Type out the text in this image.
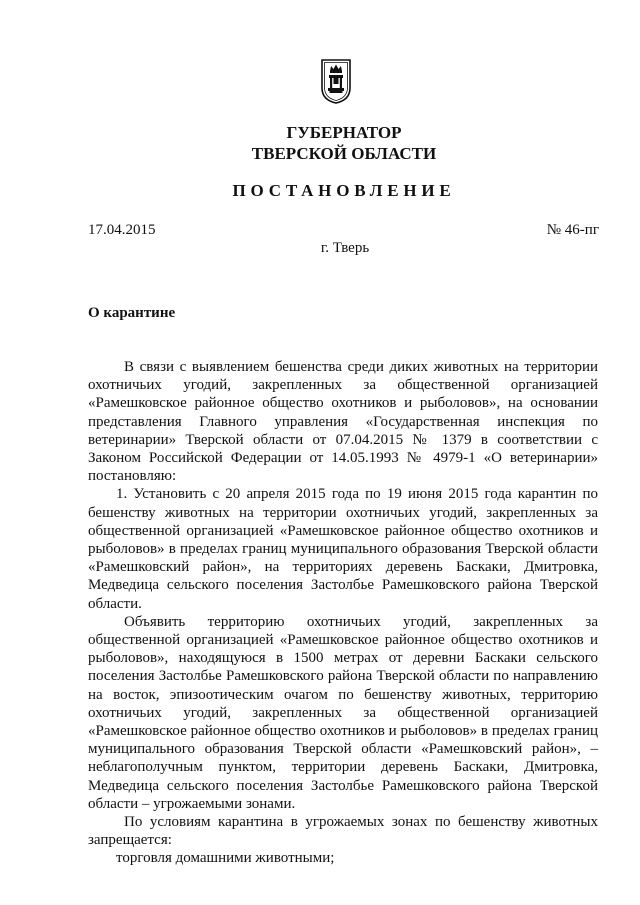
ГУБЕРНАТОР
ТВЕРСКОЙ ОБЛАСТИ
ПОСТАНОВЛЕНИЕ
17.04.2015	№ 46-пг
г. Тверь
О карантине

В связи с выявлением бешенства среди диких животных на территории охотничьих угодий, закрепленных за общественной организацией «Рамешковское районное общество охотников и рыболовов», на основании представления Главного управления «Государственная инспекция по ветеринарии» Тверской области от 07.04.2015 № 1379 в соответствии с Законом Российской Федерации от 14.05.1993 № 4979-1 «О ветеринарии» постановляю:

1. Установить с 20 апреля 2015 года по 19 июня 2015 года карантин по бешенству животных на территории охотничьих угодий, закрепленных за общественной организацией «Рамешковское районное общество охотников и рыболовов» в пределах границ муниципального образования Тверской области «Рамешковский район», на территориях деревень Баскаки, Дмитровка, Медведица сельского поселения Застолбье Рамешковского района Тверской области.

Объявить территорию охотничьих угодий, закрепленных за общественной организацией «Рамешковское районное общество охотников и рыболовов», находящуюся в 1500 метрах от деревни Баскаки сельского поселения Застолбье Рамешковского района Тверской области по направлению на восток, эпизоотическим очагом по бешенству животных, территорию охотничьих угодий, закрепленных за общественной организацией «Рамешковское районное общество охотников и рыболовов» в пределах границ муниципального образования Тверской области «Рамешковский район», – неблагополучным пунктом, территории деревень Баскаки, Дмитровка, Медведица сельского поселения Застолбье Рамешковского района Тверской области – угрожаемыми зонами.

По условиям карантина в угрожаемых зонах по бешенству животных запрещается:

торговля домашними животными;
